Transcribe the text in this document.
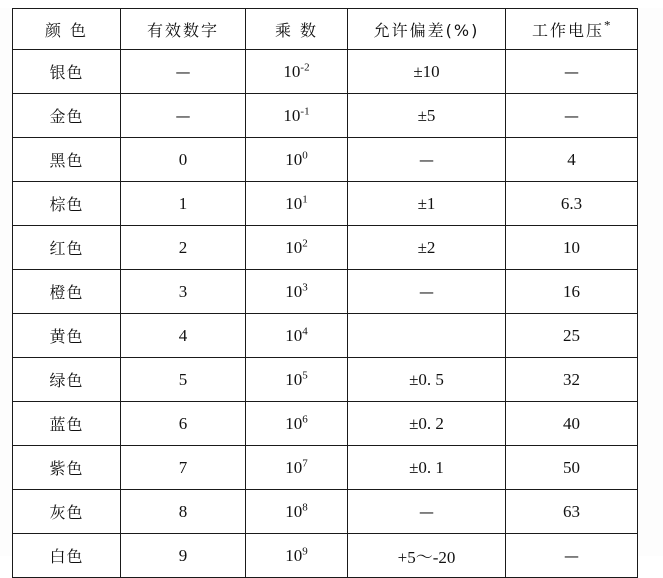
颜 色	有效数字	乘 数	允许偏差(%)	工作电压*
银色	—	$10^{-2}$	±10	—
金色	—	$10^{-1}$	±5	—
黑色	0	$10^0$	—	4
棕色	1	$10^1$	±1	6.3
红色	2	$10^2$	±2	10
橙色	3	$10^3$	—	16
黄色	4	$10^4$		25
绿色	5	$10^5$	±0. 5	32
蓝色	6	$10^6$	±0. 2	40
紫色	7	$10^7$	±0. 1	50
灰色	8	$10^8$	—	63
白色	9	$10^9$	+5～-20	—
